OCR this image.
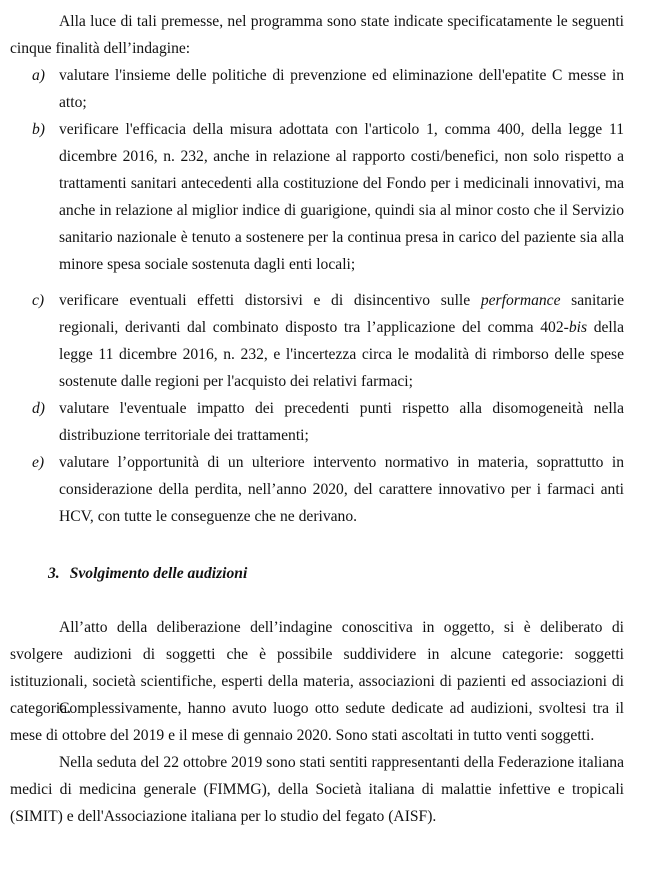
Alla luce di tali premesse, nel programma sono state indicate specificatamente le seguenti cinque finalità dell’indagine:

a) valutare l'insieme delle politiche di prevenzione ed eliminazione dell'epatite C messe in atto;
b) verificare l'efficacia della misura adottata con l'articolo 1, comma 400, della legge 11 dicembre 2016, n. 232, anche in relazione al rapporto costi/benefici, non solo rispetto a trattamenti sanitari antecedenti alla costituzione del Fondo per i medicinali innovativi, ma anche in relazione al miglior indice di guarigione, quindi sia al minor costo che il Servizio sanitario nazionale è tenuto a sostenere per la continua presa in carico del paziente sia alla minore spesa sociale sostenuta dagli enti locali;
c) verificare eventuali effetti distorsivi e di disincentivo sulle performance sanitarie regionali, derivanti dal combinato disposto tra l’applicazione del comma 402-bis della legge 11 dicembre 2016, n. 232, e l'incertezza circa le modalità di rimborso delle spese sostenute dalle regioni per l'acquisto dei relativi farmaci;
d) valutare l'eventuale impatto dei precedenti punti rispetto alla disomogeneità nella distribuzione territoriale dei trattamenti;
e) valutare l’opportunità di un ulteriore intervento normativo in materia, soprattutto in considerazione della perdita, nell’anno 2020, del carattere innovativo per i farmaci anti HCV, con tutte le conseguenze che ne derivano.

3. Svolgimento delle audizioni

All’atto della deliberazione dell’indagine conoscitiva in oggetto, si è deliberato di svolgere audizioni di soggetti che è possibile suddividere in alcune categorie: soggetti istituzionali, società scientifiche, esperti della materia, associazioni di pazienti ed associazioni di categoria.

Complessivamente, hanno avuto luogo otto sedute dedicate ad audizioni, svoltesi tra il mese di ottobre del 2019 e il mese di gennaio 2020. Sono stati ascoltati in tutto venti soggetti.

Nella seduta del 22 ottobre 2019 sono stati sentiti rappresentanti della Federazione italiana medici di medicina generale (FIMMG), della Società italiana di malattie infettive e tropicali (SIMIT) e dell'Associazione italiana per lo studio del fegato (AISF).
